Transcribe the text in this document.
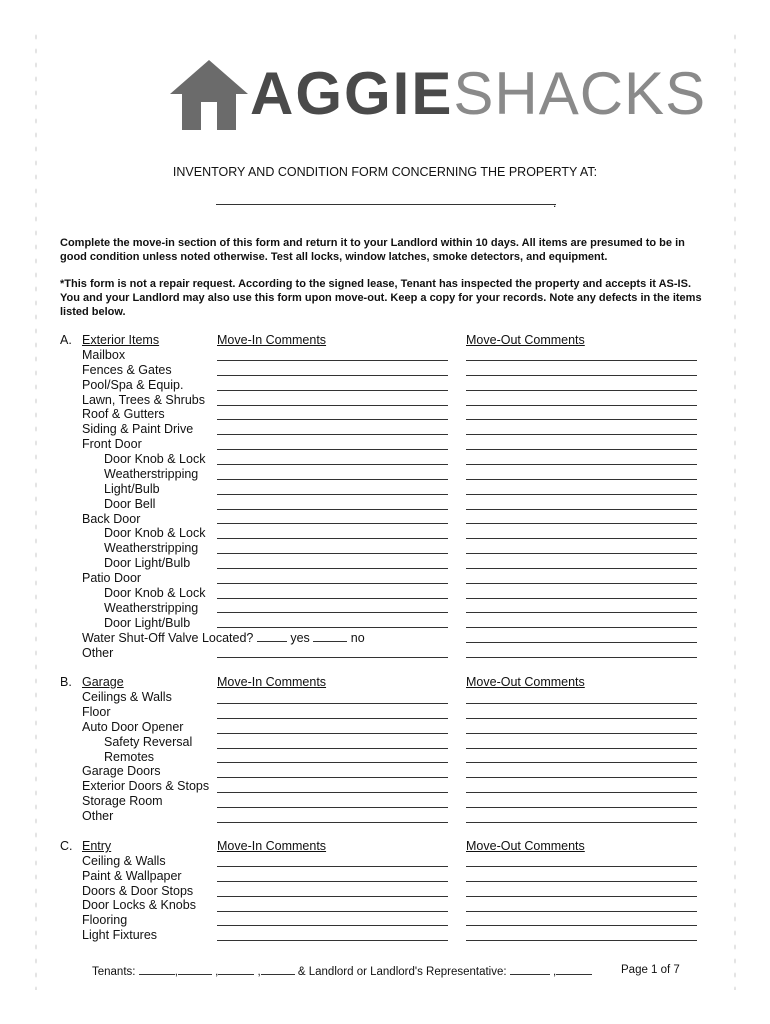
AGGIESHACKS
INVENTORY AND CONDITION FORM CONCERNING THE PROPERTY AT:
.
Complete the move-in section of this form and return it to your Landlord within 10 days. All items are presumed to be in good condition unless noted otherwise. Test all locks, window latches, smoke detectors, and equipment.
*This form is not a repair request. According to the signed lease, Tenant has inspected the property and accepts it AS-IS. You and your Landlord may also use this form upon move-out. Keep a copy for your records. Note any defects in the items listed below.
A. Exterior Items	Move-In Comments	Move-Out Comments
Mailbox
Fences & Gates
Pool/Spa & Equip.
Lawn, Trees & Shrubs
Roof & Gutters
Siding & Paint Drive
Front Door
Door Knob & Lock
Weatherstripping
Light/Bulb
Door Bell
Back Door
Door Knob & Lock
Weatherstripping
Door Light/Bulb
Patio Door
Door Knob & Lock
Weatherstripping
Door Light/Bulb
Water Shut-Off Valve Located?	yes	no
Other
B. Garage	Move-In Comments	Move-Out Comments
Ceilings & Walls
Floor
Auto Door Opener
Safety Reversal
Remotes
Garage Doors
Exterior Doors & Stops
Storage Room
Other
C. Entry	Move-In Comments	Move-Out Comments
Ceiling & Walls
Paint & Wallpaper
Doors & Door Stops
Door Locks & Knobs
Flooring
Light Fixtures
Tenants:	,	,	,	& Landlord or Landlord's Representative:	,	Page 1 of 7
